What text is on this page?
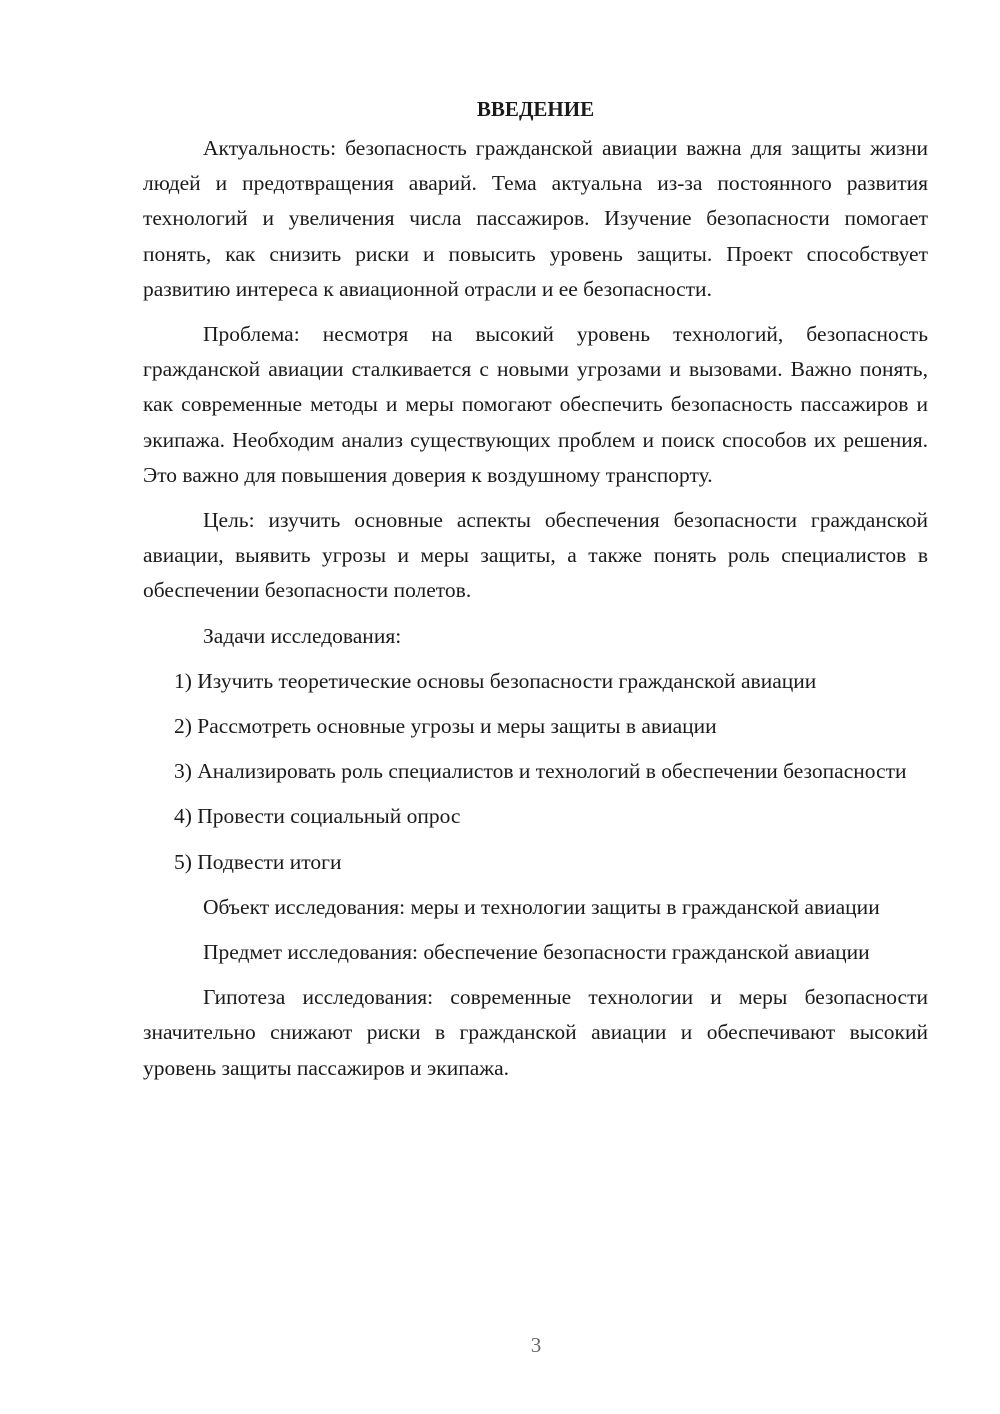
ВВЕДЕНИЕ

Актуальность: безопасность гражданской авиации важна для защиты жизни людей и предотвращения аварий. Тема актуальна из-за постоянного развития технологий и увеличения числа пассажиров. Изучение безопасности помогает понять, как снизить риски и повысить уровень защиты. Проект способствует развитию интереса к авиационной отрасли и ее безопасности.

Проблема: несмотря на высокий уровень технологий, безопасность гражданской авиации сталкивается с новыми угрозами и вызовами. Важно понять, как современные методы и меры помогают обеспечить безопасность пассажиров и экипажа. Необходим анализ существующих проблем и поиск способов их решения. Это важно для повышения доверия к воздушному транспорту.

Цель: изучить основные аспекты обеспечения безопасности гражданской авиации, выявить угрозы и меры защиты, а также понять роль специалистов в обеспечении безопасности полетов.

Задачи исследования:

1) Изучить теоретические основы безопасности гражданской авиации

2) Рассмотреть основные угрозы и меры защиты в авиации

3) Анализировать роль специалистов и технологий в обеспечении безопасности

4) Провести социальный опрос

5) Подвести итоги

Объект исследования: меры и технологии защиты в гражданской авиации

Предмет исследования: обеспечение безопасности гражданской авиации

Гипотеза исследования: современные технологии и меры безопасности значительно снижают риски в гражданской авиации и обеспечивают высокий уровень защиты пассажиров и экипажа.

3
